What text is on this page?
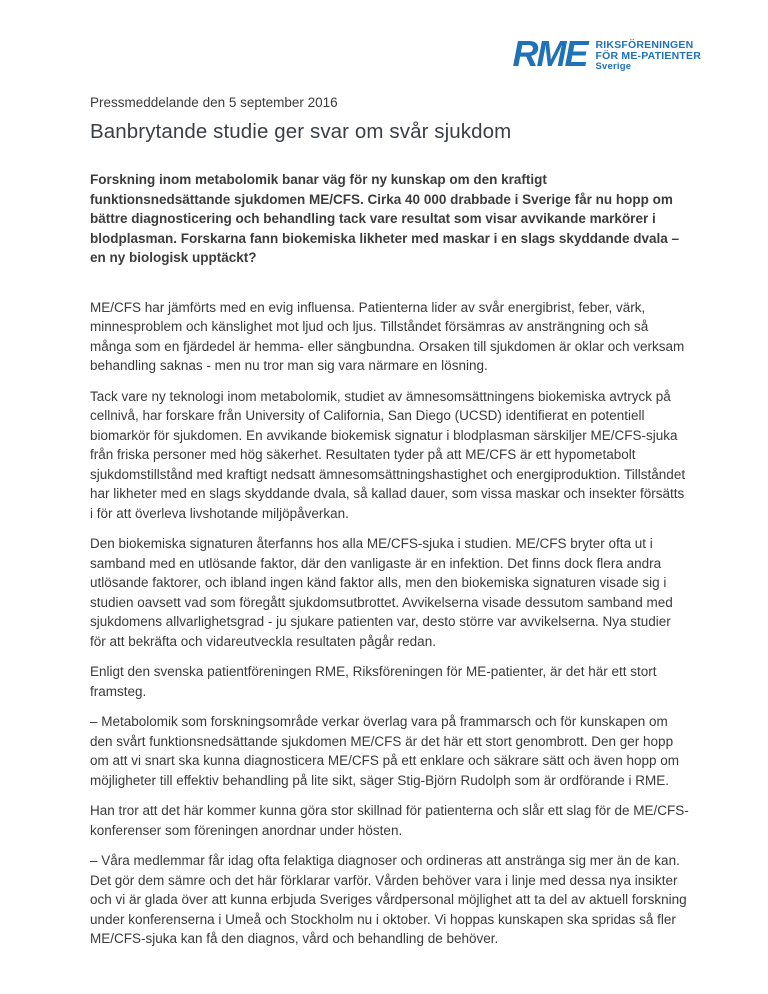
RME RIKSFÖRENINGEN
FÖR ME-PATIENTER
Sverige

Pressmeddelande den 5 september 2016

Banbrytande studie ger svar om svår sjukdom

Forskning inom metabolomik banar väg för ny kunskap om den kraftigt funktionsnedsättande sjukdomen ME/CFS. Cirka 40 000 drabbade i Sverige får nu hopp om bättre diagnosticering och behandling tack vare resultat som visar avvikande markörer i blodplasman. Forskarna fann biokemiska likheter med maskar i en slags skyddande dvala – en ny biologisk upptäckt?

ME/CFS har jämförts med en evig influensa. Patienterna lider av svår energibrist, feber, värk, minnesproblem och känslighet mot ljud och ljus. Tillståndet försämras av ansträngning och så många som en fjärdedel är hemma- eller sängbundna. Orsaken till sjukdomen är oklar och verksam behandling saknas - men nu tror man sig vara närmare en lösning.

Tack vare ny teknologi inom metabolomik, studiet av ämnesomsättningens biokemiska avtryck på cellnivå, har forskare från University of California, San Diego (UCSD) identifierat en potentiell biomarkör för sjukdomen. En avvikande biokemisk signatur i blodplasman särskiljer ME/CFS-sjuka från friska personer med hög säkerhet. Resultaten tyder på att ME/CFS är ett hypometabolt sjukdomstillstånd med kraftigt nedsatt ämnesomsättningshastighet och energiproduktion. Tillståndet har likheter med en slags skyddande dvala, så kallad dauer, som vissa maskar och insekter försätts i för att överleva livshotande miljöpåverkan.

Den biokemiska signaturen återfanns hos alla ME/CFS-sjuka i studien. ME/CFS bryter ofta ut i samband med en utlösande faktor, där den vanligaste är en infektion. Det finns dock flera andra utlösande faktorer, och ibland ingen känd faktor alls, men den biokemiska signaturen visade sig i studien oavsett vad som föregått sjukdomsutbrottet. Avvikelserna visade dessutom samband med sjukdomens allvarlighetsgrad - ju sjukare patienten var, desto större var avvikelserna. Nya studier för att bekräfta och vidareutveckla resultaten pågår redan.

Enligt den svenska patientföreningen RME, Riksföreningen för ME-patienter, är det här ett stort framsteg.

– Metabolomik som forskningsområde verkar överlag vara på frammarsch och för kunskapen om den svårt funktionsnedsättande sjukdomen ME/CFS är det här ett stort genombrott. Den ger hopp om att vi snart ska kunna diagnosticera ME/CFS på ett enklare och säkrare sätt och även hopp om möjligheter till effektiv behandling på lite sikt, säger Stig-Björn Rudolph som är ordförande i RME.

Han tror att det här kommer kunna göra stor skillnad för patienterna och slår ett slag för de ME/CFS-konferenser som föreningen anordnar under hösten.

– Våra medlemmar får idag ofta felaktiga diagnoser och ordineras att anstränga sig mer än de kan. Det gör dem sämre och det här förklarar varför. Vården behöver vara i linje med dessa nya insikter och vi är glada över att kunna erbjuda Sveriges vårdpersonal möjlighet att ta del av aktuell forskning under konferenserna i Umeå och Stockholm nu i oktober. Vi hoppas kunskapen ska spridas så fler ME/CFS-sjuka kan få den diagnos, vård och behandling de behöver.
